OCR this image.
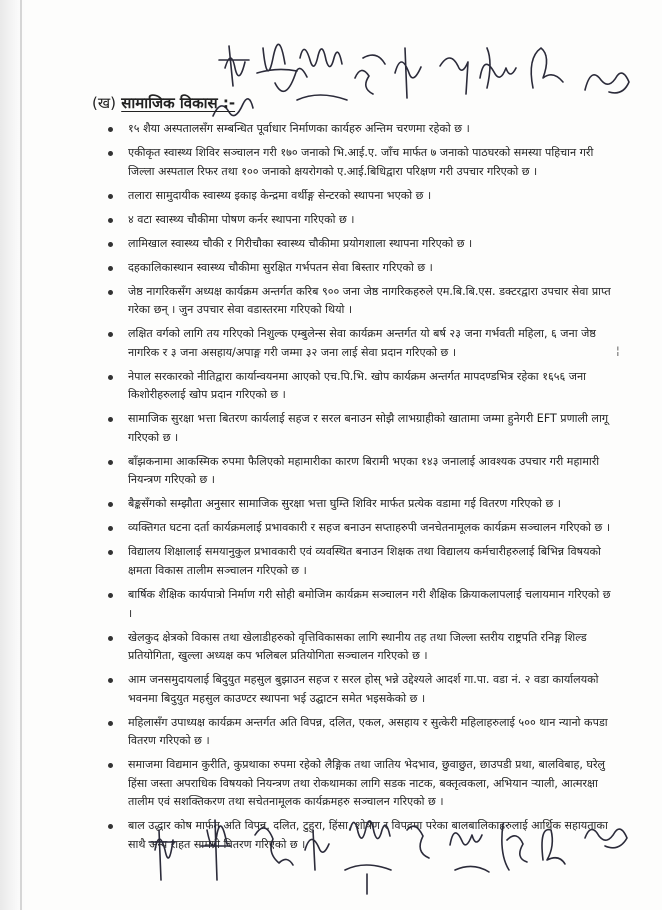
(ख) सामाजिक विकास :-
१५ शैया अस्पतालसँग सम्बन्धित पूर्वाधार निर्माणका कार्यहरु अन्तिम चरणमा रहेको छ ।
एकीकृत स्वास्थ्य शिविर सञ्चालन गरी १७० जनाको भि.आई.ए. जाँच मार्फत ७ जनाको पाठघरको समस्या पहिचान गरी जिल्ला अस्पताल रिफर तथा १०० जनाको क्षयरोगको ए.आई.बिधिद्वारा परिक्षण गरी उपचार गरिएको छ ।
तलारा सामुदायीक स्वास्थ्य इकाइ केन्द्रमा वर्थीङ्ग सेन्टरको स्थापना भएको छ ।
४ वटा स्वास्थ्य चौकीमा पोषण कर्नर स्थापना गरिएको छ ।
लामिखाल स्वास्थ्य चौकी र गिरीचौका स्वास्थ्य चौकीमा प्रयोगशाला स्थापना गरिएको छ ।
दहकालिकास्थान स्वास्थ्य चौकीमा सुरक्षित गर्भपतन सेवा बिस्तार गरिएको छ ।
जेष्ठ नागरिकसँग अध्यक्ष कार्यक्रम अन्तर्गत करिब ९०० जना जेष्ठ नागरिकहरुले एम.बि.बि.एस. डक्टरद्वारा उपचार सेवा प्राप्त गरेका छन् । जुन उपचार सेवा वडास्तरमा गरिएको थियो ।
लक्षित वर्गको लागि तय गरिएको निशुल्क एम्बुलेन्स सेवा कार्यक्रम अन्तर्गत यो बर्ष २३ जना गर्भवती महिला, ६ जना जेष्ठ नागरिक र ३ जना असहाय/अपाङ्ग गरी जम्मा ३२ जना लाई सेवा प्रदान गरिएको छ ।
नेपाल सरकारको नीतिद्वारा कार्यान्वयनमा आएको एच.पि.भि. खोप कार्यक्रम अन्तर्गत मापदण्डभित्र रहेका १६५६ जना किशोरीहरुलाई खोप प्रदान गरिएको छ ।
सामाजिक सुरक्षा भत्ता बितरण कार्यलाई सहज र सरल बनाउन सोझै लाभग्राहीको खातामा जम्मा हुनेगरी EFT प्रणाली लागू गरिएको छ ।
बाँझकनामा आकस्मिक रुपमा फैलिएको महामारीका कारण बिरामी भएका १४३ जनालाई आवश्यक उपचार गरी महामारी नियन्त्रण गरिएको छ ।
बैङ्कसँगको सम्झौता अनुसार सामाजिक सुरक्षा भत्ता घुम्ति शिविर मार्फत प्रत्येक वडामा गई वितरण गरिएको छ ।
व्यक्तिगत घटना दर्ता कार्यक्रमलाई प्रभावकारी र सहज बनाउन सप्ताहरुपी जनचेतनामूलक कार्यक्रम सञ्चालन गरिएको छ ।
विद्यालय शिक्षालाई समयानुकुल प्रभावकारी एवं व्यवस्थित बनाउन शिक्षक तथा विद्यालय कर्मचारीहरुलाई बिभिन्न विषयको क्षमता विकास तालीम सञ्चालन गरिएको छ ।
बार्षिक शैक्षिक कार्यपात्रो निर्माण गरी सोही बमोजिम कार्यक्रम सञ्चालन गरी शैक्षिक क्रियाकलापलाई चलायमान गरिएको छ ।
खेलकुद क्षेत्रको विकास तथा खेलाडीहरुको वृत्तिविकासका लागि स्थानीय तह तथा जिल्ला स्तरीय राष्ट्रपति रनिङ्ग शिल्ड प्रतियोगिता, खुल्ला अध्यक्ष कप भलिबल प्रतियोगिता सञ्चालन गरिएको छ ।
आम जनसमुदायलाई बिदुयुत महसुल बुझाउन सहज र सरल होस् भन्ने उद्देश्यले आदर्श गा.पा. वडा नं. २ वडा कार्यालयको भवनमा बिदुयुत महसुल काउण्टर स्थापना भई उद्घाटन समेत भइसकेको छ ।
महिलासँग उपाध्यक्ष कार्यक्रम अन्तर्गत अति विपन्न, दलित, एकल, असहाय र सुत्केरी महिलाहरुलाई ५०० थान न्यानो कपडा वितरण गरिएको छ ।
समाजमा विद्यमान कुरीति, कुप्रथाका रुपमा रहेको लैङ्गिक तथा जातिय भेदभाव, छुवाछुत, छाउपडी प्रथा, बालविबाह, घरेलु हिंसा जस्ता अपराधिक विषयको नियन्त्रण तथा रोकथामका लागि सडक नाटक, बक्तृत्वकला, अभियान र्‍याली, आत्मरक्षा तालीम एवं सशक्तिकरण तथा सचेतनामूलक कार्यक्रमहरु सञ्चालन गरिएको छ ।
बाल उद्धार कोष मार्फत अति विपन्न, दलित, टुहुरा, हिंसा, शोषण र विपदमा परेका बालबालिकाहरुलाई आर्थिक सहायताका साथै अन्य राहत सामग्री बितरण गरिएको छ ।
¦
